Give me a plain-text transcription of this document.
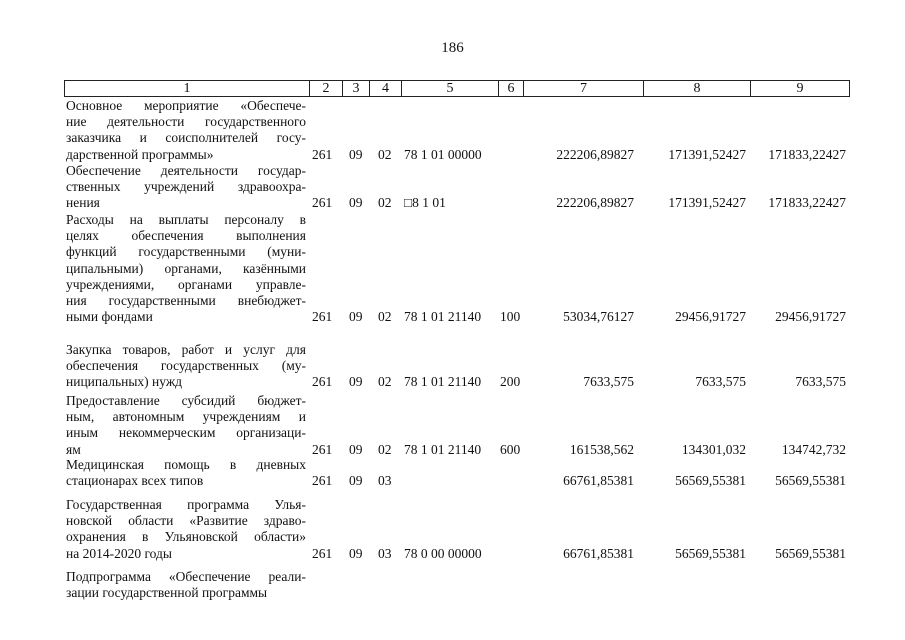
186
1	2	3	4	5	6	7	8	9
Основное мероприятие «Обеспече-
ние деятельности государственного
заказчика и соисполнителей госу-
дарственной программы»	261 09 02 78 1 01 00000	222206,89827	171391,52427	171833,22427
Обеспечение деятельности государ-
ственных учреждений здравоохра-
нения	261 09 02 □8 1 01	222206,89827	171391,52427	171833,22427
Расходы на выплаты персоналу в
целях обеспечения выполнения
функций государственными (муни-
ципальными) органами, казёнными
учреждениями, органами управле-
ния государственными внебюджет-
ными фондами	261 09 02 78 1 01 21140 100	53034,76127	29456,91727	29456,91727
Закупка товаров, работ и услуг для
обеспечения государственных (му-
ниципальных) нужд	261 09 02 78 1 01 21140 200	7633,575	7633,575	7633,575
Предоставление субсидий бюджет-
ным, автономным учреждениям и
иным некоммерческим организаци-
ям	261 09 02 78 1 01 21140 600	161538,562	134301,032	134742,732
Медицинская помощь в дневных
стационарах всех типов	261 09 03	66761,85381	56569,55381	56569,55381
Государственная программа Улья-
новской области «Развитие здраво-
охранения в Ульяновской области»
на 2014-2020 годы	261 09 03 78 0 00 00000	66761,85381	56569,55381	56569,55381
Подпрограмма «Обеспечение реали-
зации государственной программы
